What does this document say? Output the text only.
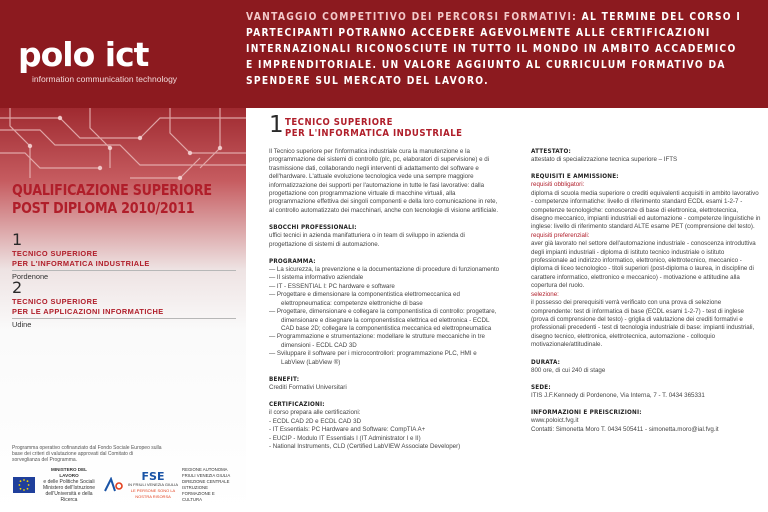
polo ict
information communication technology
VANTAGGIO COMPETITIVO DEI PERCORSI FORMATIVI: AL TERMINE DEL CORSO I PARTECIPANTI POTRANNO ACCEDERE AGEVOLMENTE ALLE CERTIFICAZIONI INTERNAZIONALI RICONOSCIUTE IN TUTTO IL MONDO IN AMBITO ACCADEMICO E IMPRENDITORIALE. UN VALORE AGGIUNTO AL CURRICULUM FORMATIVO DA SPENDERE SUL MERCATO DEL LAVORO.
QUALIFICAZIONE SUPERIORE
POST DIPLOMA 2010/2011
1
TECNICO SUPERIORE
PER L'INFORMATICA INDUSTRIALE
Pordenone
2
TECNICO SUPERIORE
PER LE APPLICAZIONI INFORMATICHE
Udine
Programma operativo cofinanziato dal Fondo Sociale Europeo sulla base dei criteri di valutazione approvati dal Comitato di sorveglianza del Programma.
MINISTERO DEL LAVORO
e delle Politiche Sociali
Ministero dell'Istruzione
dell'Università e della Ricerca
FSE
IN FRIULI VENEZIA GIULIA
LE PERSONE SONO LA NOSTRA RISORSA
REGIONE AUTONOMA
FRIULI VENEZIA GIULIA
DIREZIONE CENTRALE ISTRUZIONE
FORMAZIONE E CULTURA
1 TECNICO SUPERIORE
PER L'INFORMATICA INDUSTRIALE
Il Tecnico superiore per l'informatica industriale cura la manutenzione e la programmazione dei sistemi di controllo (plc, pc, elaboratori di supervisione) e di trasmissione dati, collaborando negli interventi di adattamento del software e dell'hardware. L'attuale evoluzione tecnologica vede una sempre maggiore informatizzazione dei supporti per l'automazione in tutte le fasi lavorative: dalla progettazione con programmazione virtuale di macchine virtuali, alla programmazione effettiva dei singoli componenti e della loro comunicazione in rete, al controllo automatizzato dei macchinari, anche con tecnologie di visione artificiale.
SBOCCHI PROFESSIONALI:
uffici tecnici in azienda manifatturiera o in team di sviluppo in azienda di progettazione di sistemi di automazione.
PROGRAMMA:
— La sicurezza, la prevenzione e la documentazione di procedure di funzionamento
— Il sistema informativo aziendale
— IT - ESSENTIAL I: PC hardware e software
— Progettare e dimensionare la componentistica elettromeccanica ed elettropneumatica: competenze elettroniche di base
— Progettare, dimensionare e collegare la componentistica di controllo: progettare, dimensionare e disegnare la componentistica elettrica ed elettronica - ECDL CAD base 2D; collegare la componentistica meccanica ed elettropneumatica
— Programmazione e strumentazione: modellare le strutture meccaniche in tre dimensioni - ECDL CAD 3D
— Sviluppare il software per i microcontrollori: programmazione PLC, HMI e LabView (LabView ®)
BENEFIT:
Crediti Formativi Universitari
CERTIFICAZIONI:
il corso prepara alle certificazioni:
- ECDL CAD 2D e ECDL CAD 3D
- IT Essentials: PC Hardware and Software: CompTIA A+
- EUCIP - Modulo IT Essentials I (IT Administrator I e II)
- National Instruments, CLD (Certified LabVIEW Associate Developer)
ATTESTATO:
attestato di specializzazione tecnica superiore – IFTS
REQUISITI E AMMISSIONE:
requisiti obbligatori:
diploma di scuola media superiore o crediti equivalenti acquisiti in ambito lavorativo - competenze informatiche: livello di riferimento standard ECDL esami 1-2-7 - competenze tecnologiche: conoscenze di base di elettronica, elettrotecnica, disegno meccanico, impianti industriali ed automazione - competenze linguistiche in inglese: livello di riferimento standard ALTE esame PET (comprensione del testo).
requisiti preferenziali:
aver già lavorato nel settore dell'automazione industriale - conoscenza introduttiva degli impianti industriali - diploma di istituto tecnico industriale o istituto professionale ad indirizzo informatico, elettronico, elettrotecnico, meccanico - diploma di liceo tecnologico - titoli superiori (post-diploma o laurea, in discipline di carattere informatico, elettronico e meccanico) - motivazione e attitudine alla copertura del ruolo.
selezione:
il possesso dei prerequisiti verrà verificato con una prova di selezione comprendente: test di informatica di base (ECDL esami 1-2-7) - test di inglese (prova di comprensione del testo) - griglia di valutazione dei crediti formativi e professionali precedenti - test di tecnologia industriale di base: impianti industriali, disegno tecnico, elettronica, elettrotecnica, automazione - colloquio motivazionale/attitudinale.
DURATA:
800 ore, di cui 240 di stage
SEDE:
ITIS J.F.Kennedy di Pordenone, Via Interna, 7 - T. 0434 365331
INFORMAZIONI E PREISCRIZIONI:
www.poloict.fvg.it
Contatti: Simonetta Moro T. 0434 505411 - simonetta.moro@ial.fvg.it
